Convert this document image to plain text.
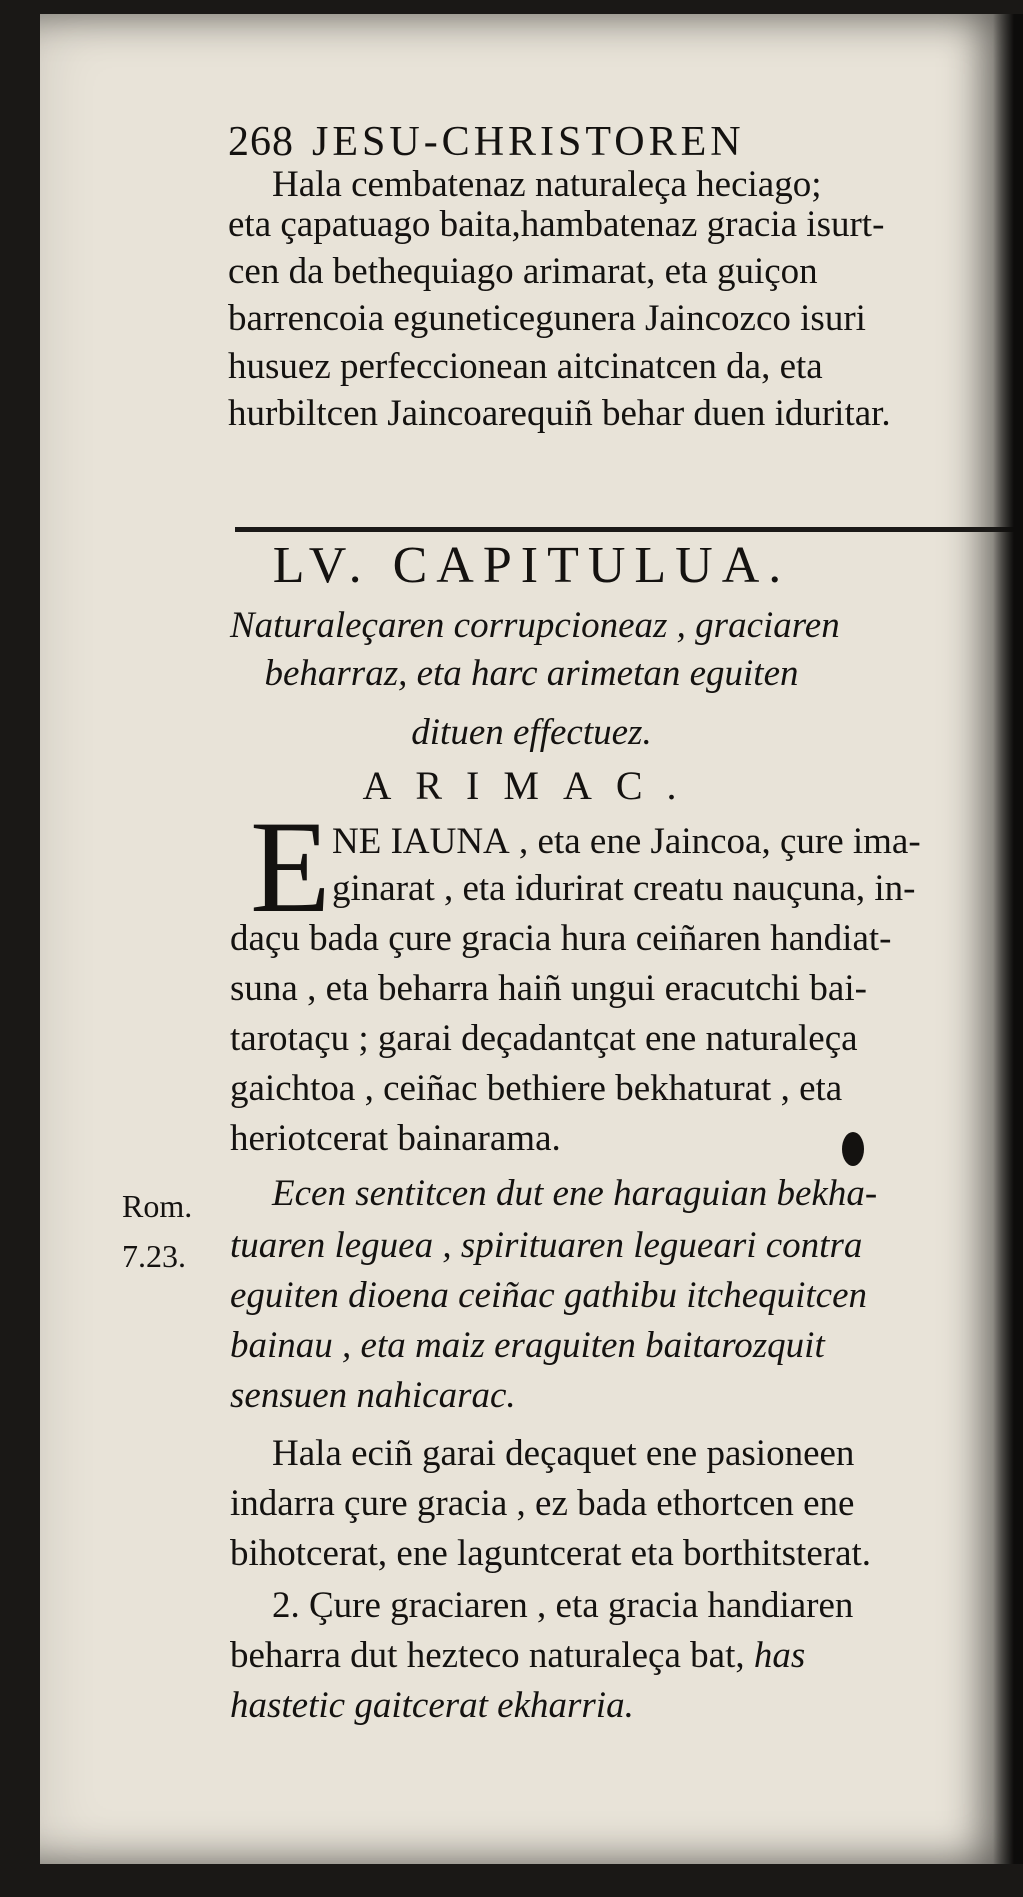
268 JESU-CHRISTOREN
Hala cembatenaz naturaleça heciago;
eta çapatuago baita,hambatenaz gracia isurt-
cen da bethequiago arimarat, eta guiçon
barrencoia eguneticegunera Jaincozco isuri
husuez perfeccionean aitcinatcen da, eta
hurbiltcen Jaincoarequiñ behar duen iduritar.
LV. CAPITULUA.
Naturaleçaren corrupcioneaz , graciaren
beharraz, eta harc arimetan eguiten
dituen effectuez.
ARIMAC.
E NE IAUNA , eta ene Jaincoa, çure ima-
ginarat , eta idurirat creatu nauçuna, in-
daçu bada çure gracia hura ceiñaren handiat-
suna , eta beharra haiñ ungui eracutchi bai-
tarotaçu ; garai deçadantçat ene naturaleça
gaichtoa , ceiñac bethiere bekhaturat , eta
heriotcerat bainarama.
Rom.
7.23.
Ecen sentitcen dut ene haraguian bekha-
tuaren leguea , spirituaren legueari contra
eguiten dioena ceiñac gathibu itchequitcen
bainau , eta maiz eraguiten baitarozquit
sensuen nahicarac.
Hala eciñ garai deçaquet ene pasioneen
indarra çure gracia , ez bada ethortcen ene
bihotcerat, ene laguntcerat eta borthitsterat.
2. Çure graciaren , eta gracia handiaren
beharra dut hezteco naturaleça bat, has
hastetic gaitcerat ekharria.
